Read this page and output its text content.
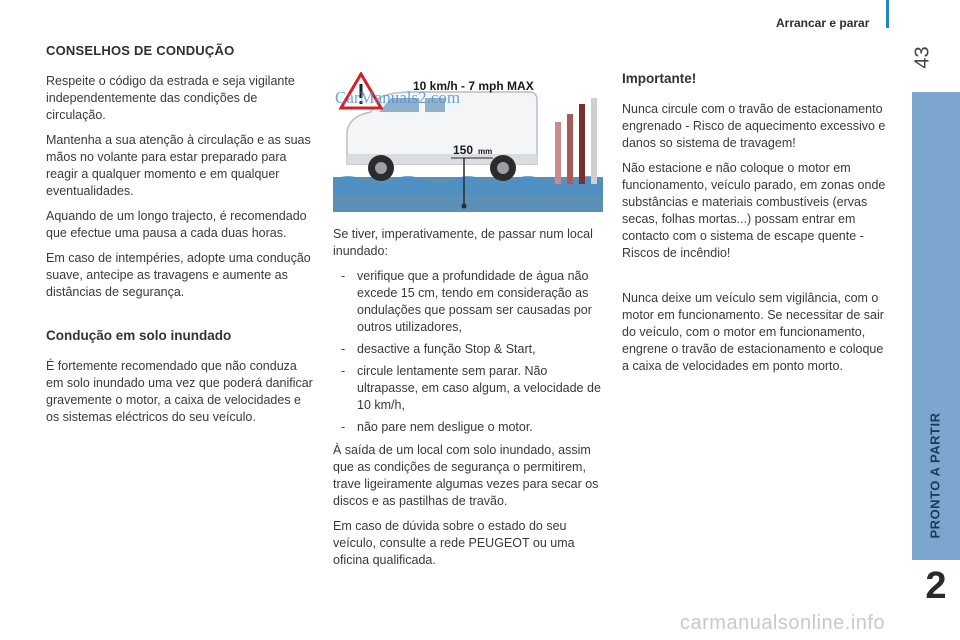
Arrancar e parar
43
PRONTO A PARTIR
2
CONSELHOS DE CONDUÇÃO

Respeite o código da estrada e seja vigilante independentemente das condições de circulação.

Mantenha a sua atenção à circulação e as suas mãos no volante para estar preparado para reagir a qualquer momento e em qualquer eventualidades.

Aquando de um longo trajecto, é recomendado que efectue uma pausa a cada duas horas.

Em caso de intempéries, adopte uma condução suave, antecipe as travagens e aumente as distâncias de segurança.

Condução em solo inundado

É fortemente recomendado que não conduza em solo inundado uma vez que poderá danificar gravemente o motor, a caixa de velocidades e os sistemas eléctricos do seu veículo.

10 km/h - 7 mph MAX
150 mm
CarManuals2.com

Se tiver, imperativamente, de passar num local inundado:

- verifique que a profundidade de água não excede 15 cm, tendo em consideração as ondulações que possam ser causadas por outros utilizadores,
- desactive a função Stop & Start,
- circule lentamente sem parar. Não ultrapasse, em caso algum, a velocidade de 10 km/h,
- não pare nem desligue o motor.

À saída de um local com solo inundado, assim que as condições de segurança o permitirem, trave ligeiramente algumas vezes para secar os discos e as pastilhas de travão.

Em caso de dúvida sobre o estado do seu veículo, consulte a rede PEUGEOT ou uma oficina qualificada.

Importante!

Nunca circule com o travão de estacionamento engrenado - Risco de aquecimento excessivo e danos so sistema de travagem!

Não estacione e não coloque o motor em funcionamento, veículo parado, em zonas onde substâncias e materiais combustíveis (ervas secas, folhas mortas...) possam entrar em contacto com o sistema de escape quente - Riscos de incêndio!

Nunca deixe um veículo sem vigilância, com o motor em funcionamento. Se necessitar de sair do veículo, com o motor em funcionamento, engrene o travão de estacionamento e coloque a caixa de velocidades em ponto morto.

carmanualsonline.info
